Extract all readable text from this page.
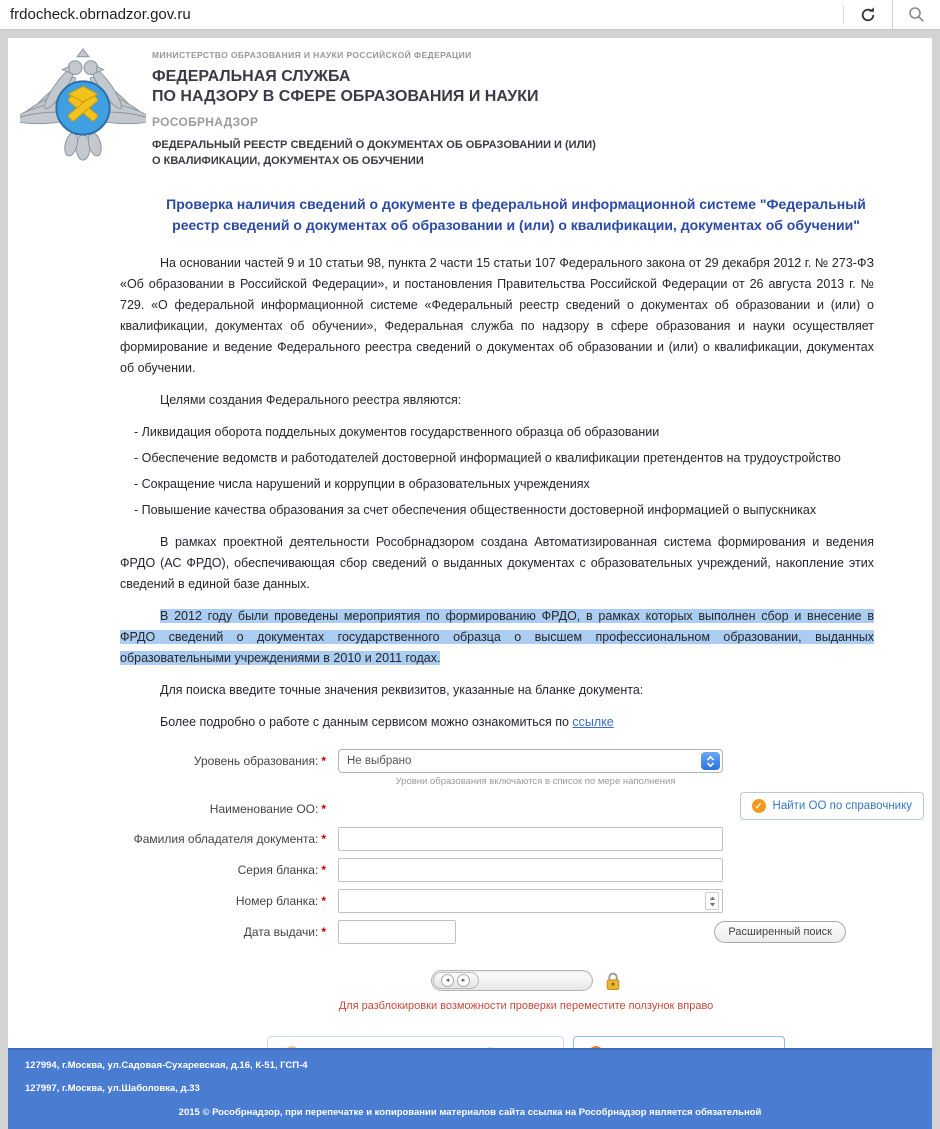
frdocheck.obrnadzor.gov.ru
МИНИСТЕРСТВО ОБРАЗОВАНИЯ И НАУКИ РОССИЙСКОЙ ФЕДЕРАЦИИ
ФЕДЕРАЛЬНАЯ СЛУЖБА
ПО НАДЗОРУ В СФЕРЕ ОБРАЗОВАНИЯ И НАУКИ
РОСОБРНАДЗОР
ФЕДЕРАЛЬНЫЙ РЕЕСТР СВЕДЕНИЙ О ДОКУМЕНТАХ ОБ ОБРАЗОВАНИИ И (ИЛИ)
О КВАЛИФИКАЦИИ, ДОКУМЕНТАХ ОБ ОБУЧЕНИИ
Проверка наличия сведений о документе в федеральной информационной системе "Федеральный реестр сведений о документах об образовании и (или) о квалификации, документах об обучении"

На основании частей 9 и 10 статьи 98, пункта 2 части 15 статьи 107 Федерального закона от 29 декабря 2012 г. № 273-ФЗ «Об образовании в Российской Федерации», и постановления Правительства Российской Федерации от 26 августа 2013 г. № 729. «О федеральной информационной системе «Федеральный реестр сведений о документах об образовании и (или) о квалификации, документах об обучении», Федеральная служба по надзору в сфере образования и науки осуществляет формирование и ведение Федерального реестра сведений о документах об образовании и (или) о квалификации, документах об обучении.

Целями создания Федерального реестра являются:

- Ликвидация оборота поддельных документов государственного образца об образовании

- Обеспечение ведомств и работодателей достоверной информацией о квалификации претендентов на трудоустройство

- Сокращение числа нарушений и коррупции в образовательных учреждениях

- Повышение качества образования за счет обеспечения общественности достоверной информацией о выпускниках

В рамках проектной деятельности Рособрнадзором создана Автоматизированная система формирования и ведения ФРДО (АС ФРДО), обеспечивающая сбор сведений о выданных документах с образовательных учреждений, накопление этих сведений в единой базе данных.

В 2012 году были проведены мероприятия по формированию ФРДО, в рамках которых выполнен сбор и внесение в ФРДО сведений о документах государственного образца о высшем профессиональном образовании, выданных образовательными учреждениями в 2010 и 2011 годах.

Для поиска введите точные значения реквизитов, указанные на бланке документа:

Более подробно о работе с данным сервисом можно ознакомиться по ссылке

Уровень образования: * Не выбрано
Уровни образования включаются в список по мере наполнения
Наименование ОО: *	✓ Найти ОО по справочнику
Фамилия обладателя документа: *
Серия бланка: *
Номер бланка: *
Дата выдачи: *	Расширенный поиск
◂	▸
Для разблокировки возможности проверки переместите ползунок вправо
127994, г.Москва, ул.Садовая-Сухаревская, д.16, К-51, ГСП-4
127997, г.Москва, ул.Шаболовка, д.33
2015 © Рособрнадзор, при перепечатке и копировании материалов сайта ссылка на Рособрнадзор является обязательной
